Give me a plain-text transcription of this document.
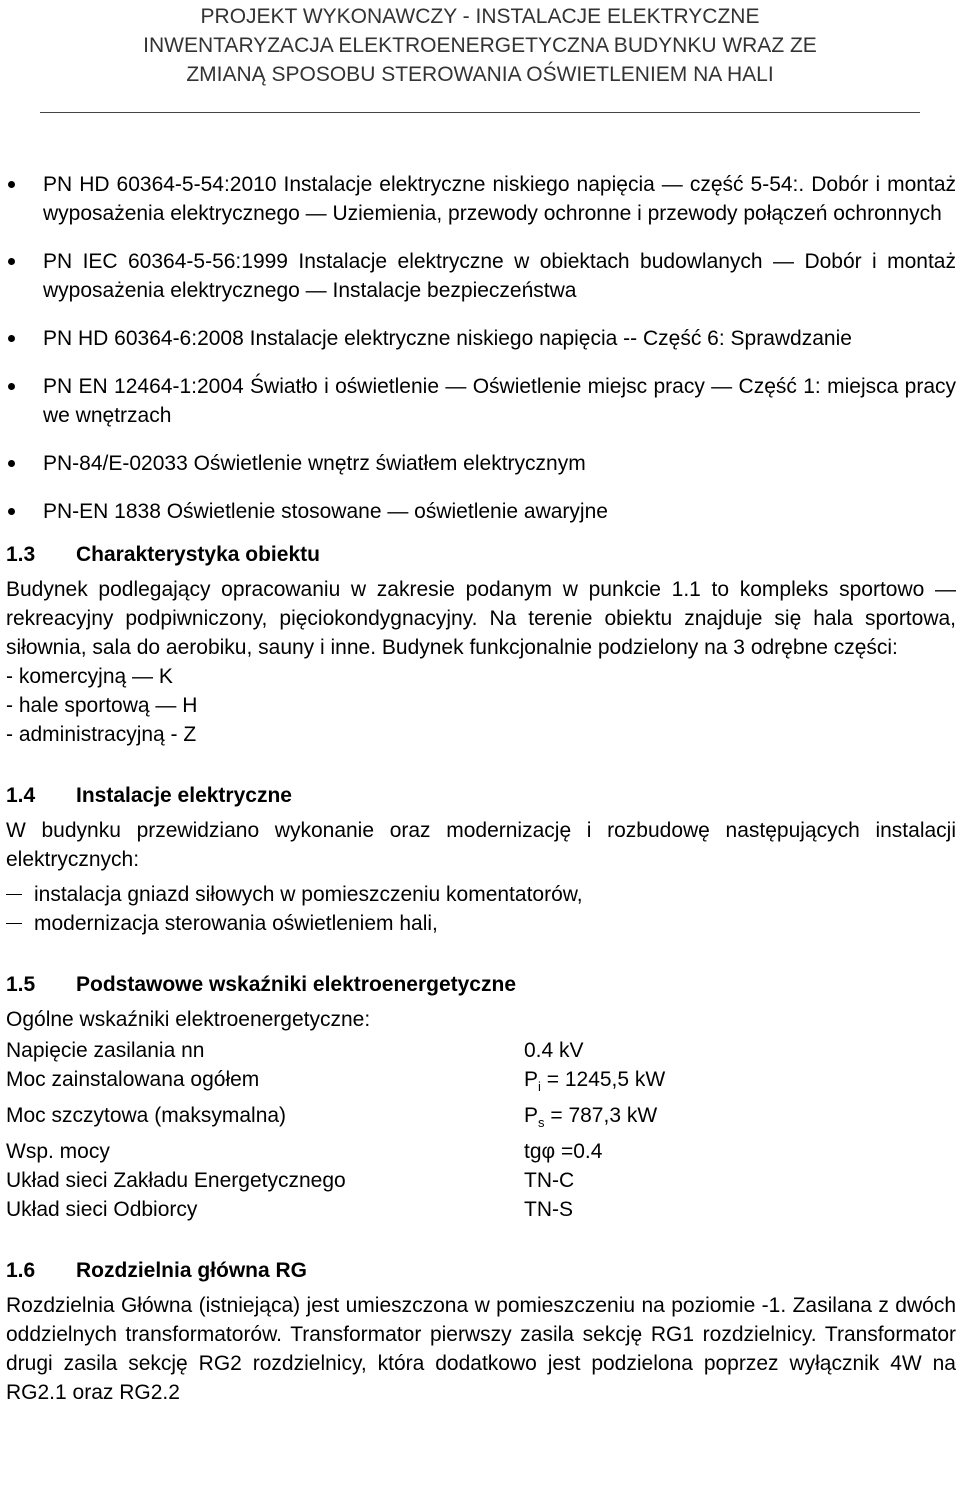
PROJEKT WYKONAWCZY - INSTALACJE ELEKTRYCZNE
INWENTARYZACJA ELEKTROENERGETYCZNA BUDYNKU WRAZ ZE
ZMIANĄ SPOSOBU STEROWANIA OŚWIETLENIEM NA HALI
PN HD 60364-5-54:2010 Instalacje elektryczne niskiego napięcia — część 5-54:. Dobór i montaż wyposażenia elektrycznego — Uziemienia, przewody ochronne i przewody połączeń ochronnych
PN IEC 60364-5-56:1999 Instalacje elektryczne w obiektach budowlanych — Dobór i montaż wyposażenia elektrycznego — Instalacje bezpieczeństwa
PN HD 60364-6:2008 Instalacje elektryczne niskiego napięcia -- Część 6: Sprawdzanie
PN EN 12464-1:2004 Światło i oświetlenie — Oświetlenie miejsc pracy — Część 1: miejsca pracy we wnętrzach
PN-84/E-02033 Oświetlenie wnętrz światłem elektrycznym
PN-EN 1838 Oświetlenie stosowane — oświetlenie awaryjne
1.3 Charakterystyka obiektu
Budynek podlegający opracowaniu w zakresie podanym w punkcie 1.1 to kompleks sportowo — rekreacyjny podpiwniczony, pięciokondygnacyjny. Na terenie obiektu znajduje się hala sportowa, siłownia, sala do aerobiku, sauny i inne. Budynek funkcjonalnie podzielony na 3 odrębne części:
- komercyjną — K
- hale sportową — H
- administracyjną - Z
1.4 Instalacje elektryczne
W budynku przewidziano wykonanie oraz modernizację i rozbudowę następujących instalacji elektrycznych:
instalacja gniazd siłowych w pomieszczeniu komentatorów,
modernizacja sterowania oświetleniem hali,
1.5 Podstawowe wskaźniki elektroenergetyczne
Ogólne wskaźniki elektroenergetyczne:
Napięcie zasilania nn	0.4 kV
Moc zainstalowana ogółem	$P_i = 1245,5$ kW
Moc szczytowa (maksymalna)	$P_s = 787,3$ kW
Wsp. mocy	tgφ =0.4
Układ sieci Zakładu Energetycznego	TN-C
Układ sieci Odbiorcy	TN-S
1.6 Rozdzielnia główna RG
Rozdzielnia Główna (istniejąca) jest umieszczona w pomieszczeniu na poziomie -1. Zasilana z dwóch oddzielnych transformatorów. Transformator pierwszy zasila sekcję RG1 rozdzielnicy. Transformator drugi zasila sekcję RG2 rozdzielnicy, która dodatkowo jest podzielona poprzez wyłącznik 4W na RG2.1 oraz RG2.2
